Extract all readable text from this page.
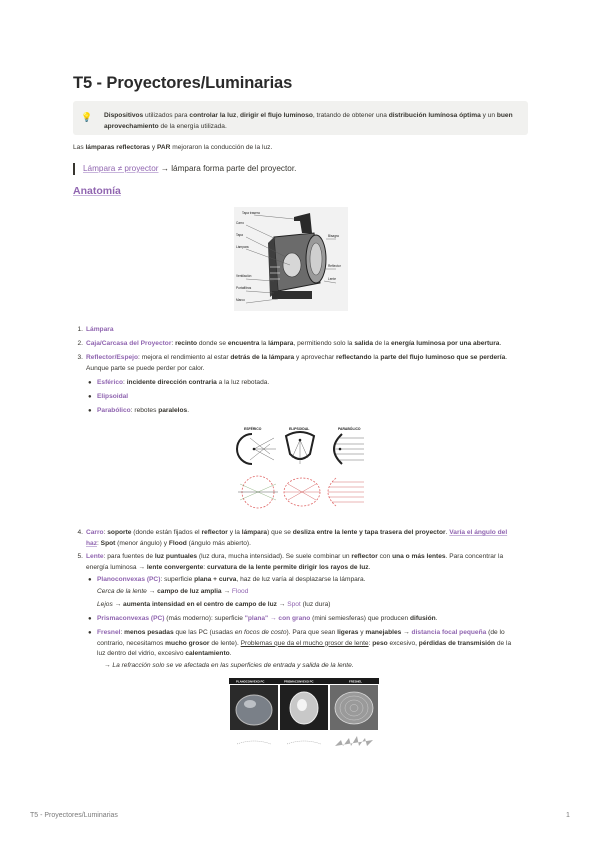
T5 - Proyectores/Luminarias
💡 Dispositivos utilizados para controlar la luz, dirigir el flujo lumínoso, tratando de obtener una distribución lumínosa óptima y un buen
aprovechamiento de la energía utilizada.
Las lámparas reflectoras y PAR mejoraron la conducción de la luz.
Lámpara ≠ proyector → lámpara forma parte del proyector.
Anatomía
Tapa trasera
Carro
Tapa
Lámpara
Bisagra
Reflector
Ventilación
Lente
Portafiltros
Marco
1. Lámpara
2. Caja/Carcasa del Proyector: recinto donde se encuentra la lámpara, permitiendo solo la salida de la energía luminosa por una abertura.
3. Reflector/Espejo: mejora el rendimiento al estar detrás de la lámpara y aprovechar reflectando la parte del flujo luminoso que se perdería.
Aunque parte se puede perder por calor.
● Esférico: incidente dirección contraria a la luz rebotada.
● Elipsoidal
● Parabólico: rebotes paralelos.
ESFÉRICO	ELIPSOIDAL	PARABÓLICO
4. Carro: soporte (donde están fijados el reflector y la lámpara) que se desliza entre la lente y tapa trasera del proyector. Varía el ángulo del
haz: Spot (menor ángulo) y Flood (ángulo más abierto).
5. Lente: para fuentes de luz puntuales (luz dura, mucha intensidad). Se suele combinar un reflector con una o más lentes. Para concentrar la
energía luminosa → lente convergente: curvatura de la lente permite dirigir los rayos de luz.
● Planoconvexas (PC): superficie plana + curva, haz de luz varía al desplazarse la lámpara.
Cerca de la lente → campo de luz amplia → Flood
Lejos → aumenta intensidad en el centro de campo de luz → Spot (luz dura)
● Prismaconvexas (PC) (más moderno): superficie "plana" → con grano (mini semiesferas) que producen difusión.
● Fresnel: menos pesadas que las PC (usadas en focos de costo). Para que sean ligeras y manejables → distancia focal pequeña (de lo
contrario, necesitamos mucho grosor de lente). Problemas que da el mucho grosor de lente: peso excesivo, pérdidas de transmisión de la
luz dentro del vidrio, excesivo calentamiento.
→ La refracción solo se ve afectada en las superficies de entrada y salida de la lente.
PLANOCONVEXO PC	PRISMACONVEXO PC	FRESNEL
T5 - Proyectores/Luminarias	1
